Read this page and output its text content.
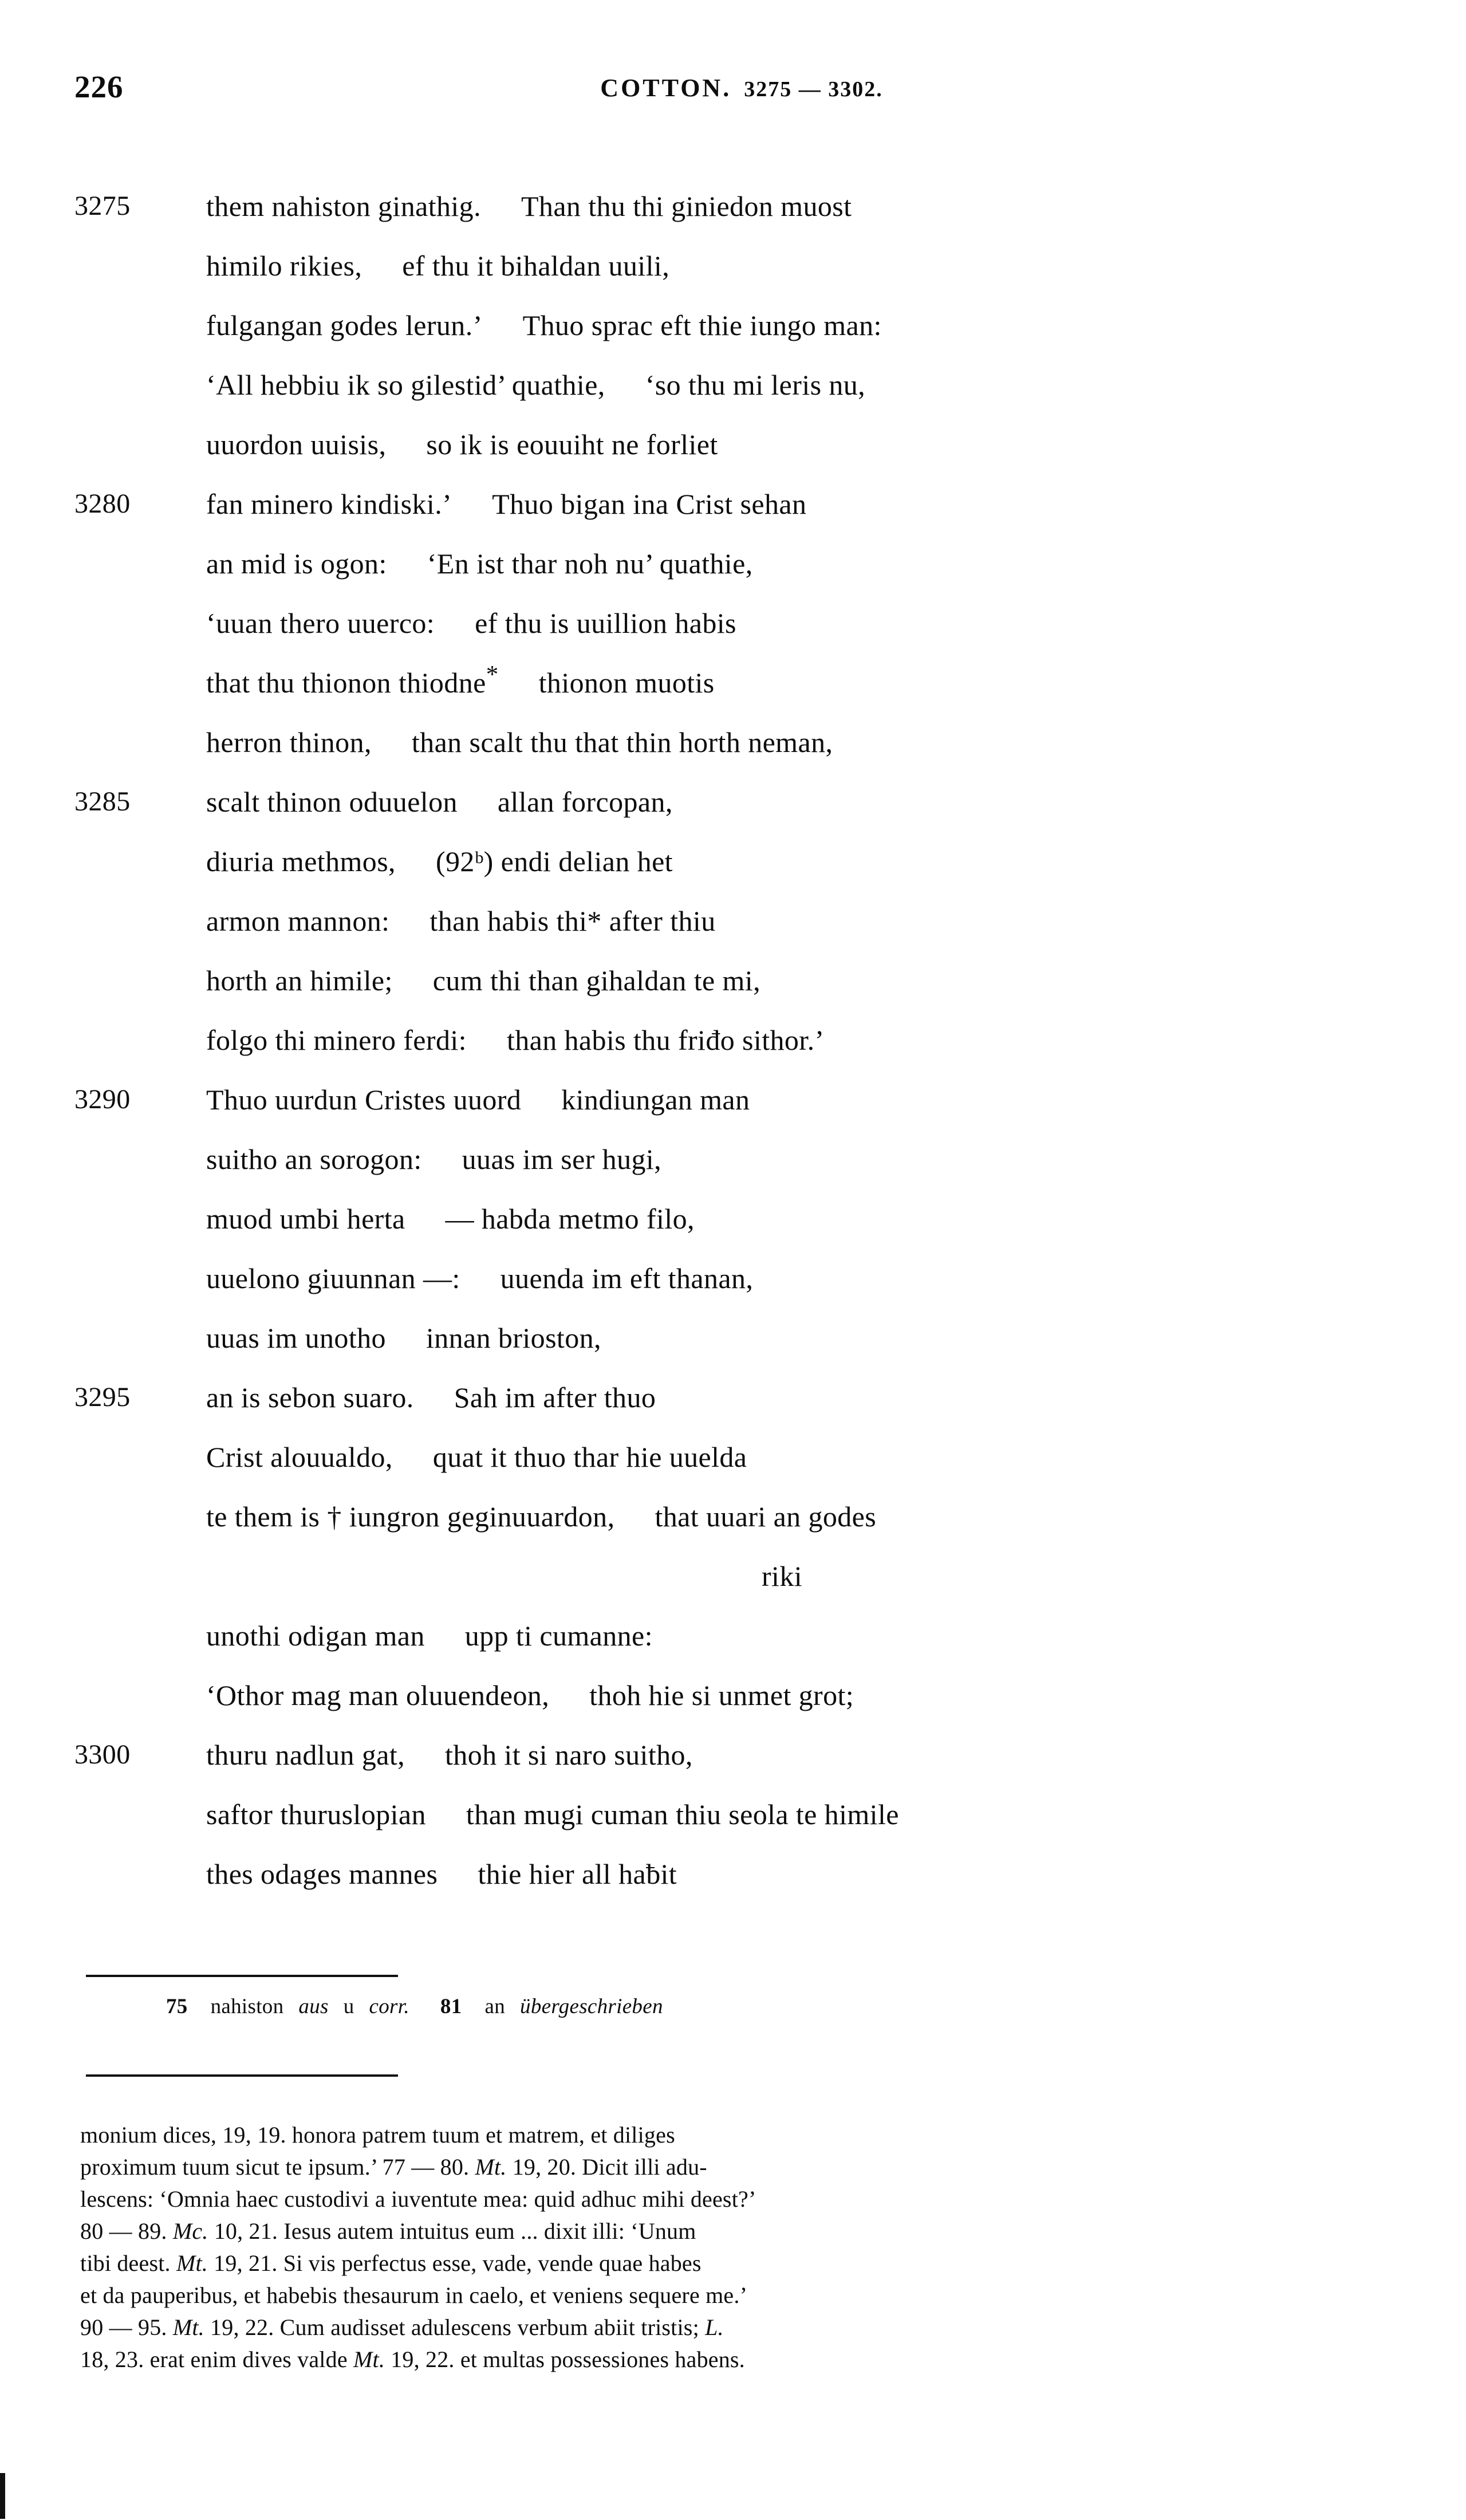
226	COTTON. 3275 — 3302.
3275	them nahiston ginathig. Than thu thi giniedon muost
himilo rikies, ef thu it bihaldan uuili,
fulgangan godes lerun.’ Thuo sprac eft thie iungo man:
‘All hebbiu ik so gilestid’ quathie, ‘so thu mi leris nu,
uuordon uuisis, so ik is eouuiht ne forliet
3280	fan minero kindiski.’ Thuo bigan ina Crist sehan
an mid is ogon: ‘En ist thar noh nu’ quathie,
‘uuan thero uuerco: ef thu is uuillion habis
that thu thionon thiodne* thionon muotis
herron thinon, than scalt thu that thin horth neman,
3285	scalt thinon oduuelon allan forcopan,
diuria methmos, (92ᵇ) endi delian het
armon mannon: than habis thi* after thiu
horth an himile; cum thi than gihaldan te mi,
folgo thi minero ferdi: than habis thu friđo sithor.’
3290	Thuo uurdun Cristes uuord kindiungan man
suitho an sorogon: uuas im ser hugi,
muod umbi herta — habda metmo filo,
uuelono giuunnan —: uuenda im eft thanan,
uuas im unotho innan brioston,
3295	an is sebon suaro. Sah im after thuo
Crist alouualdo, quat it thuo thar hie uuelda
te them is † iungron geginuuardon, that uuari an godes
riki
unothi odigan man upp ti cumanne:
‘Othor mag man oluuendeon, thoh hie si unmet grot;
3300	thuru nadlun gat, thoh it si naro suitho,
saftor thuruslopian than mugi cuman thiu seola te himile
thes odages mannes thie hier all haƀit
75 nahiston aus u corr. 81 an übergeschrieben
monium dices, 19, 19. honora patrem tuum et matrem, et diliges
proximum tuum sicut te ipsum.’ 77 — 80. Mt. 19, 20. Dicit illi adu-
lescens: ‘Omnia haec custodivi a iuventute mea: quid adhuc mihi deest?’
80 — 89. Mc. 10, 21. Iesus autem intuitus eum ... dixit illi: ‘Unum
tibi deest. Mt. 19, 21. Si vis perfectus esse, vade, vende quae habes
et da pauperibus, et habebis thesaurum in caelo, et veniens sequere me.’
90 — 95. Mt. 19, 22. Cum audisset adulescens verbum abiit tristis; L.
18, 23. erat enim dives valde Mt. 19, 22. et multas possessiones habens.
